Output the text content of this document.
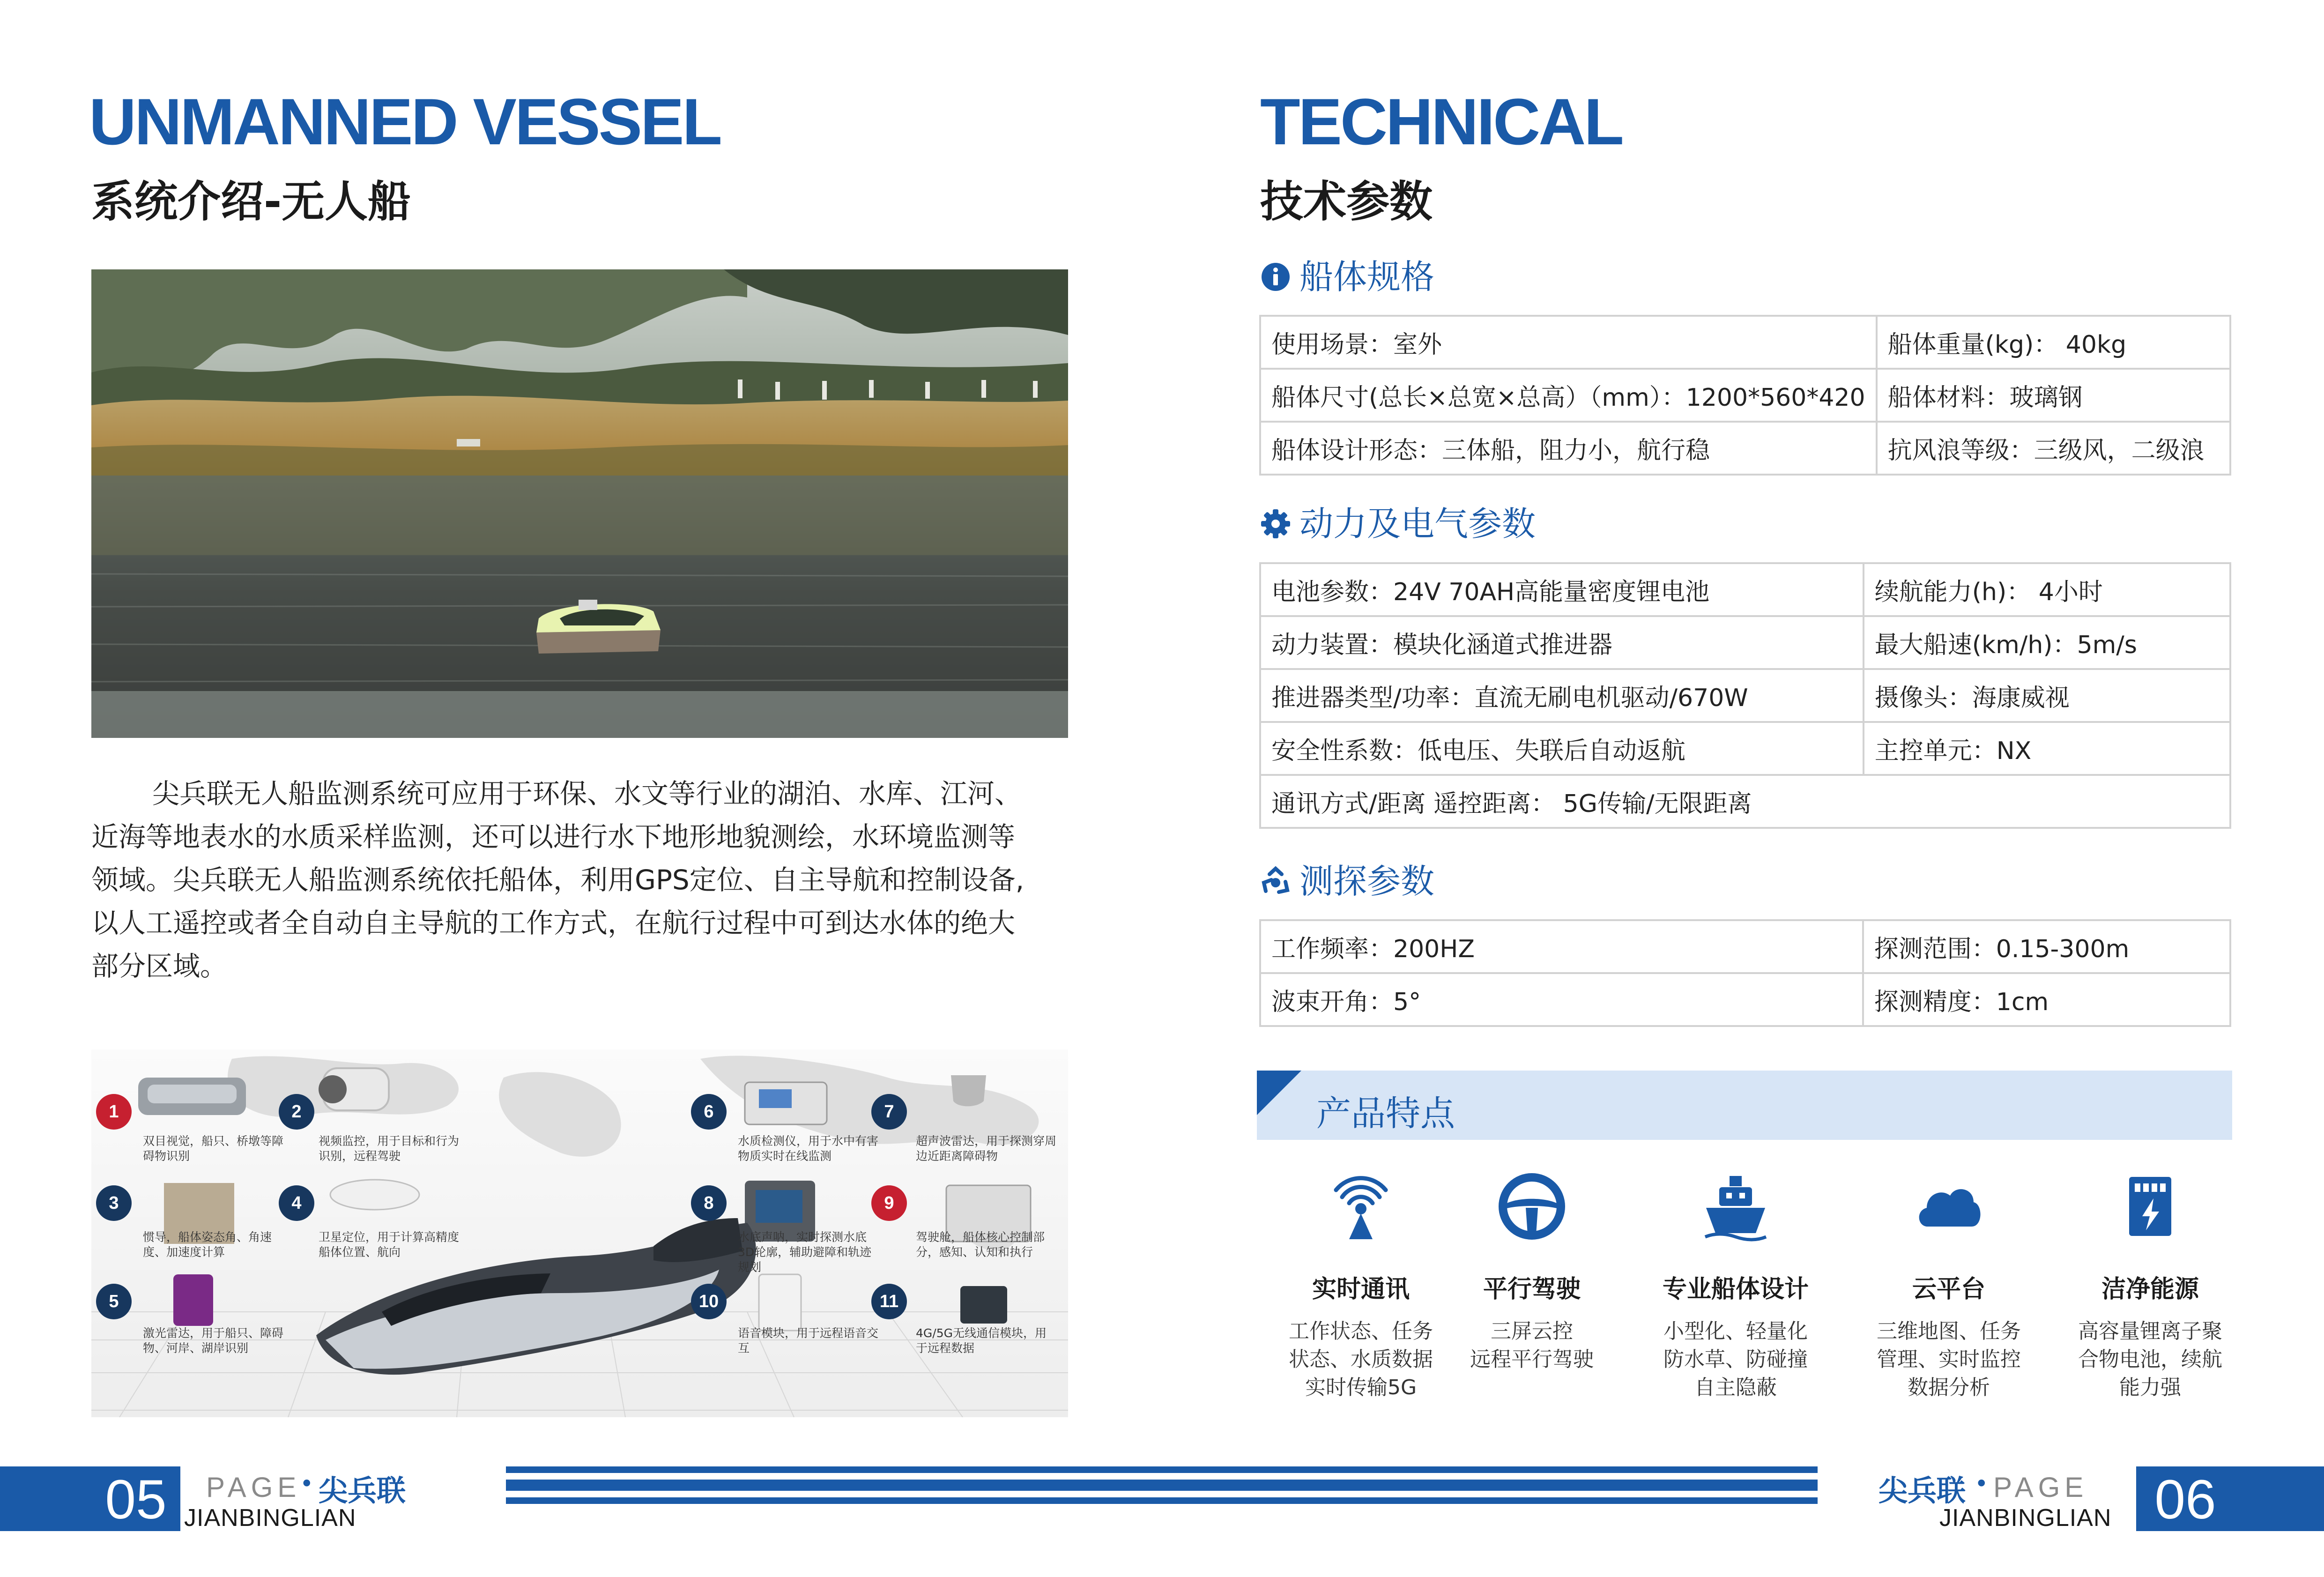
UNMANNED VESSEL
系统介绍-无人船

尖兵联无人船监测系统可应用于环保、水文等行业的湖泊、水库、江河、近海等地表水的水质采样监测，还可以进行水下地形地貌测绘，水环境监测等领域。尖兵联无人船监测系统依托船体，利用GPS定位、自主导航和控制设备,以人工遥控或者全自动自主导航的工作方式，在航行过程中可到达水体的绝大部分区域。

1
双目视觉，船只、桥墩等障碍物识别
2
视频监控，用于目标和行为识别，远程驾驶
3
惯导，船体姿态角、角速度、加速度计算
4
卫星定位，用于计算高精度船体位置、航向
5
激光雷达，用于船只、障碍物、河岸、湖岸识别
6
水质检测仪，用于水中有害物质实时在线监测
7
超声波雷达，用于探测穿周边近距离障碍物
8
水底声呐，实时探测水底3D轮廓，辅助避障和轨迹规划
9
驾驶舱，船体核心控制部分，感知、认知和执行
10
语音模块，用于远程语音交互
11
4G/5G无线通信模块，用于远程数据
TECHNICAL
技术参数
船体规格
使用场景：室外	船体重量(kg)： 40kg
船体尺寸(总长×总宽×总高）（mm）：1200*560*420	船体材料：玻璃钢
船体设计形态：三体船，阻力小，航行稳	抗风浪等级：三级风，二级浪
动力及电气参数
电池参数：24V 70AH高能量密度锂电池	续航能力(h)： 4小时
动力装置：模块化涵道式推进器	最大船速(km/h)：5m/s
推进器类型/功率：直流无刷电机驱动/670W	摄像头：海康威视
安全性系数：低电压、失联后自动返航	主控单元：NX
通讯方式/距离 遥控距离： 5G传输/无限距离	
测探参数
工作频率：200HZ	探测范围：0.15-300m
波束开角：5°	探测精度：1cm
产品特点
实时通讯
工作状态、任务
状态、水质数据
实时传输5G
平行驾驶
三屏云控
远程平行驾驶
专业船体设计
小型化、轻量化
防水草、防碰撞
自主隐蔽
云平台
三维地图、任务
管理、实时监控
数据分析
洁净能源
高容量锂离子聚
合物电池，续航
能力强
05	PAGE
• 尖兵联
JIANBINGLIAN
尖兵联 • PAGE
JIANBINGLIAN 06
